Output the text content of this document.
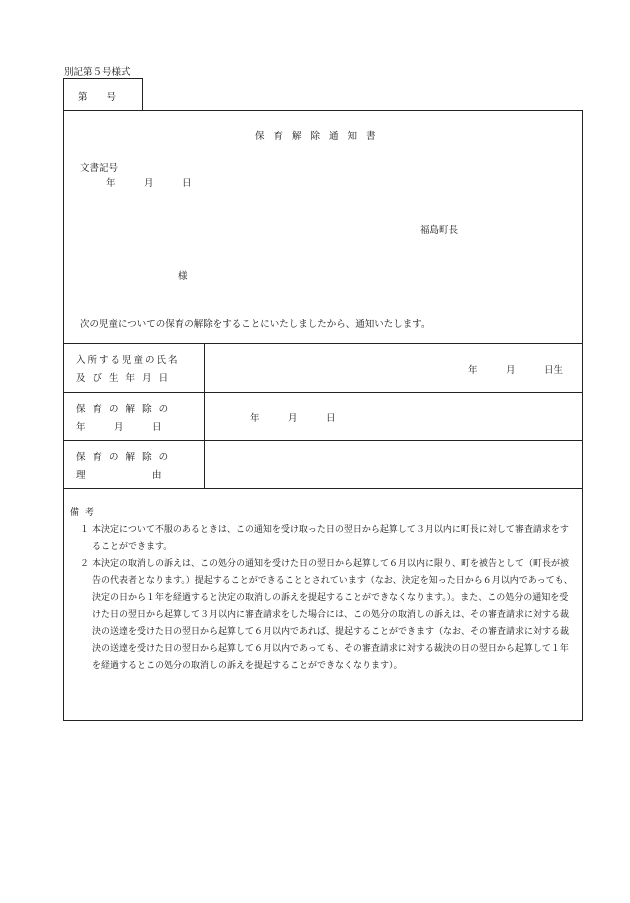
別記第５号様式
第　　号
保育解除通知書
文書記号
年　　　月　　　日
福島町長
様
次の児童についての保育の解除をすることにいたしましたから、通知いたします。
入所する児童の氏名
及 び 生 年 月 日
年　　　月　　　日生
保 育 の 解 除 の
年　　　月　　　日
年　　　月　　　日
保 育 の 解 除 の
理　　　　　　　由
備考
１ 本決定について不服のあるときは、この通知を受け取った日の翌日から起算して３月以内に町長に対して審査請求をすることができます。
２ 本決定の取消しの訴えは、この処分の通知を受けた日の翌日から起算して６月以内に限り、町を被告として（町長が被告の代表者となります。）提起することができることとされています（なお、決定を知った日から６月以内であっても、決定の日から１年を経過すると決定の取消しの訴えを提起することができなくなります。）。また、この処分の通知を受けた日の翌日から起算して３月以内に審査請求をした場合には、この処分の取消しの訴えは、その審査請求に対する裁決の送達を受けた日の翌日から起算して６月以内であれば、提起することができます（なお、その審査請求に対する裁決の送達を受けた日の翌日から起算して６月以内であっても、その審査請求に対する裁決の日の翌日から起算して１年を経過するとこの処分の取消しの訴えを提起することができなくなります）。
